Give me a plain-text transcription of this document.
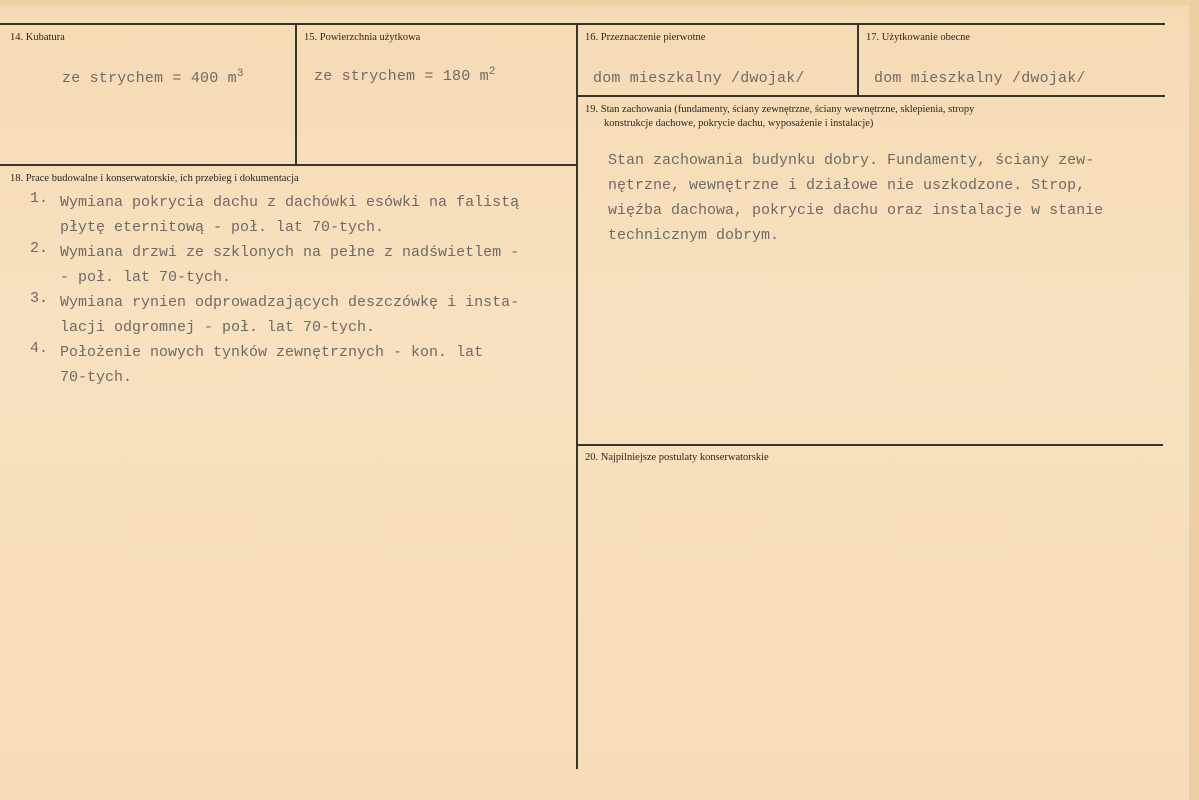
14. Kubatura
ze strychem = 400 $m^3$
15. Powierzchnia użytkowa
ze strychem = 180 $m^2$
16. Przeznaczenie pierwotne
dom mieszkalny /dwojak/
17. Użytkowanie obecne
dom mieszkalny /dwojak/
19. Stan zachowania (fundamenty, ściany zewnętrzne, ściany wewnętrzne, sklepienia, stropy
konstrukcje dachowe, pokrycie dachu, wyposażenie i instalacje)
Stan zachowania budynku dobry. Fundamenty, ściany zew-
nętrzne, wewnętrzne i działowe nie uszkodzone. Strop,
więźba dachowa, pokrycie dachu oraz instalacje w stanie
technicznym dobrym.
18. Prace budowalne i konserwatorskie, ich przebieg i dokumentacja
1. Wymiana pokrycia dachu z dachówki esówki na falistą
płytę eternitową - poł. lat 70-tych.
2. Wymiana drzwi ze szklonych na pełne z nadświetlem -
- poł. lat 70-tych.
3. Wymiana rynien odprowadzających deszczówkę i insta-
lacji odgromnej - poł. lat 70-tych.
4. Położenie nowych tynków zewnętrznych - kon. lat
70-tych.
20. Najpilniejsze postulaty konserwatorskie
